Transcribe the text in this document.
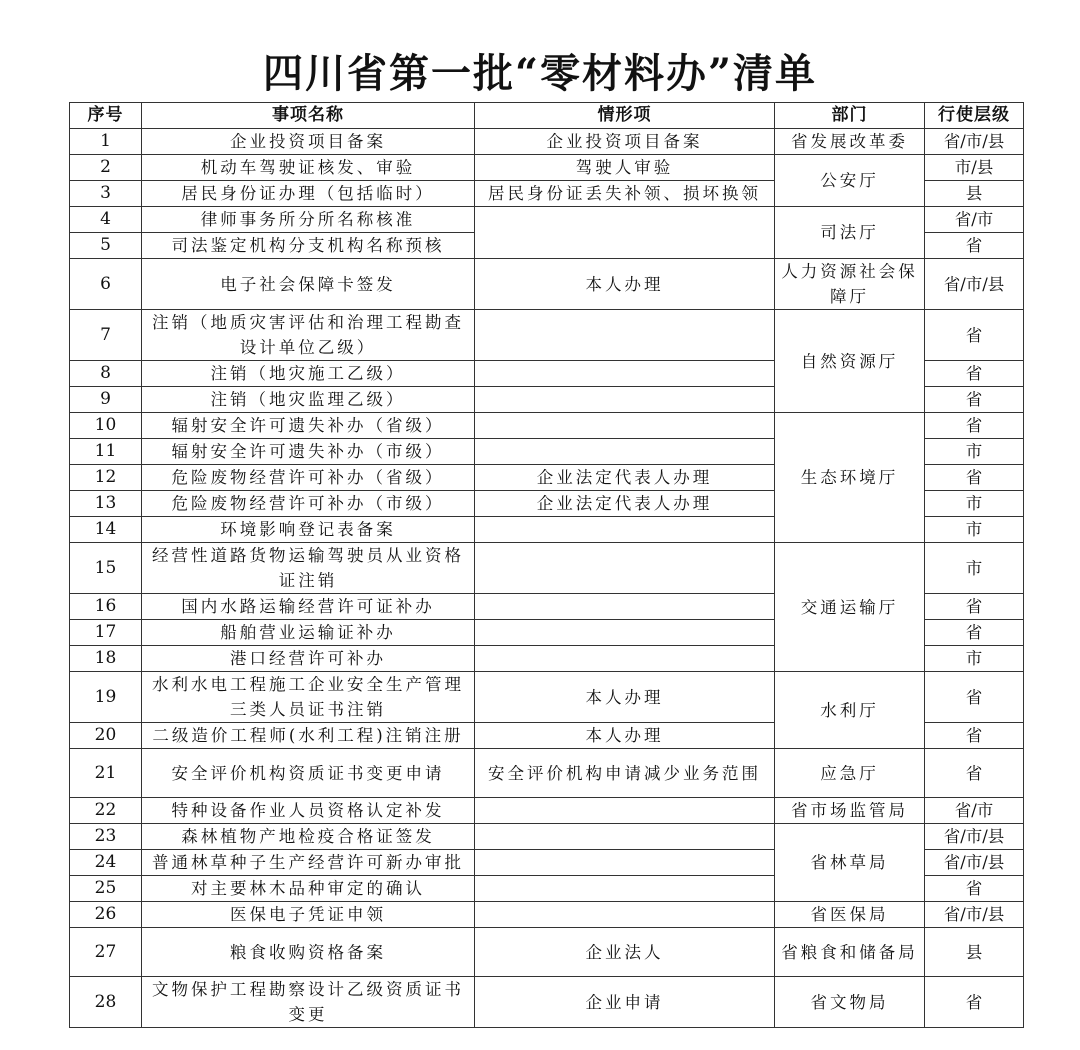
四川省第一批“零材料办”清单
序号	事项名称	情形项	部门	行使层级
1	企业投资项目备案	企业投资项目备案	省发展改革委	省/市/县
2	机动车驾驶证核发、审验	驾驶人审验	公安厅	市/县
3	居民身份证办理（包括临时）	居民身份证丢失补领、损坏换领		县
4	律师事务所分所名称核准		司法厅	省/市
5	司法鉴定机构分支机构名称预核			省
6	电子社会保障卡签发	本人办理	人力资源社会保障厅	省/市/县
7	注销（地质灾害评估和治理工程勘查设计单位乙级）		自然资源厅	省
8	注销（地灾施工乙级）			省
9	注销（地灾监理乙级）			省
10	辐射安全许可遗失补办（省级）		生态环境厅	省
11	辐射安全许可遗失补办（市级）			市
12	危险废物经营许可补办（省级）	企业法定代表人办理		省
13	危险废物经营许可补办（市级）	企业法定代表人办理		市
14	环境影响登记表备案			市
15	经营性道路货物运输驾驶员从业资格证注销		交通运输厅	市
16	国内水路运输经营许可证补办			省
17	船舶营业运输证补办			省
18	港口经营许可补办			市
19	水利水电工程施工企业安全生产管理三类人员证书注销	本人办理	水利厅	省
20	二级造价工程师(水利工程)注销注册	本人办理		省
21	安全评价机构资质证书变更申请	安全评价机构申请减少业务范围	应急厅	省
22	特种设备作业人员资格认定补发		省市场监管局	省/市
23	森林植物产地检疫合格证签发		省林草局	省/市/县
24	普通林草种子生产经营许可新办审批			省/市/县
25	对主要林木品种审定的确认			省
26	医保电子凭证申领		省医保局	省/市/县
27	粮食收购资格备案	企业法人	省粮食和储备局	县
28	文物保护工程勘察设计乙级资质证书变更	企业申请	省文物局	省
